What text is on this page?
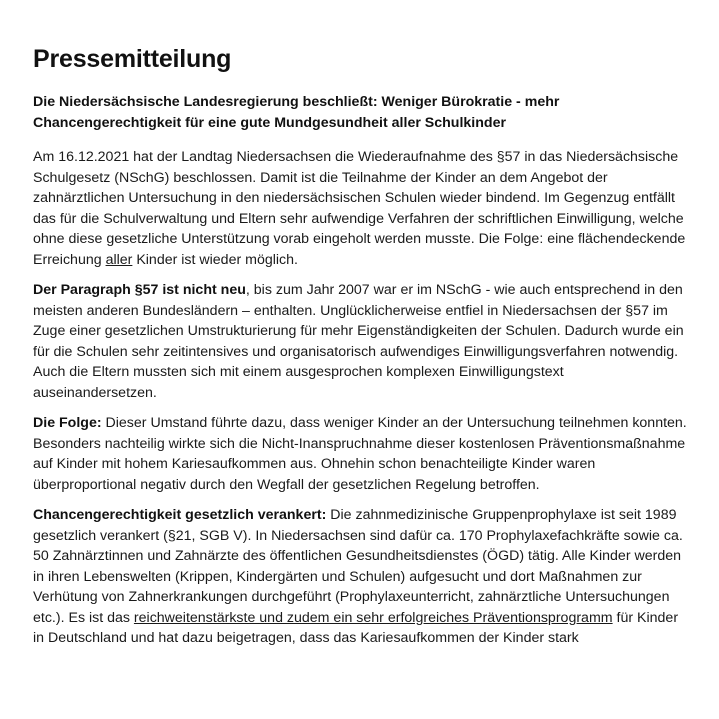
Pressemitteilung
Die Niedersächsische Landesregierung beschließt: Weniger Bürokratie - mehr Chancengerechtigkeit für eine gute Mundgesundheit aller Schulkinder

Am 16.12.2021 hat der Landtag Niedersachsen die Wiederaufnahme des §57 in das Niedersächsische Schulgesetz (NSchG) beschlossen. Damit ist die Teilnahme der Kinder an dem Angebot der zahnärztlichen Untersuchung in den niedersächsischen Schulen wieder bindend. Im Gegenzug entfällt das für die Schulverwaltung und Eltern sehr aufwendige Verfahren der schriftlichen Einwilligung, welche ohne diese gesetzliche Unterstützung vorab eingeholt werden musste. Die Folge: eine flächendeckende Erreichung aller Kinder ist wieder möglich.

Der Paragraph §57 ist nicht neu, bis zum Jahr 2007 war er im NSchG - wie auch entsprechend in den meisten anderen Bundesländern – enthalten. Unglücklicherweise entfiel in Niedersachsen der §57 im Zuge einer gesetzlichen Umstrukturierung für mehr Eigenständigkeiten der Schulen. Dadurch wurde ein für die Schulen sehr zeitintensives und organisatorisch aufwendiges Einwilligungsverfahren notwendig. Auch die Eltern mussten sich mit einem ausgesprochen komplexen Einwilligungstext auseinandersetzen.

Die Folge: Dieser Umstand führte dazu, dass weniger Kinder an der Untersuchung teilnehmen konnten. Besonders nachteilig wirkte sich die Nicht-Inanspruchnahme dieser kostenlosen Präventionsmaßnahme auf Kinder mit hohem Kariesaufkommen aus. Ohnehin schon benachteiligte Kinder waren überproportional negativ durch den Wegfall der gesetzlichen Regelung betroffen.

Chancengerechtigkeit gesetzlich verankert: Die zahnmedizinische Gruppenprophylaxe ist seit 1989 gesetzlich verankert (§21, SGB V). In Niedersachsen sind dafür ca. 170 Prophylaxefachkräfte sowie ca. 50 Zahnärztinnen und Zahnärzte des öffentlichen Gesundheitsdienstes (ÖGD) tätig. Alle Kinder werden in ihren Lebenswelten (Krippen, Kindergärten und Schulen) aufgesucht und dort Maßnahmen zur Verhütung von Zahnerkrankungen durchgeführt (Prophylaxeunterricht, zahnärztliche Untersuchungen etc.). Es ist das reichweitenstärkste und zudem ein sehr erfolgreiches Präventionsprogramm für Kinder in Deutschland und hat dazu beigetragen, dass das Kariesaufkommen der Kinder stark
